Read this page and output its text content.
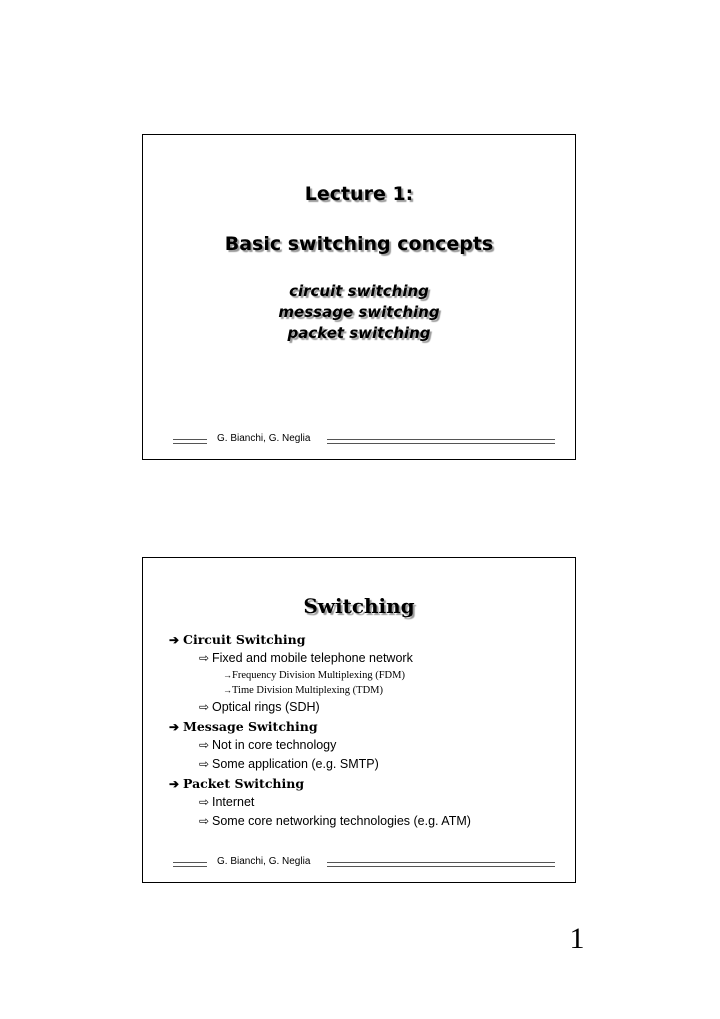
Lecture 1:
Basic switching concepts
circuit switching
message switching
packet switching
G. Bianchi, G. Neglia
Switching
➔ Circuit Switching
⇨ Fixed and mobile telephone network
→Frequency Division Multiplexing (FDM)
→Time Division Multiplexing (TDM)
⇨ Optical rings (SDH)
➔ Message Switching
⇨ Not in core technology
⇨ Some application (e.g. SMTP)
➔ Packet Switching
⇨ Internet
⇨ Some core networking technologies (e.g. ATM)
G. Bianchi, G. Neglia
1
